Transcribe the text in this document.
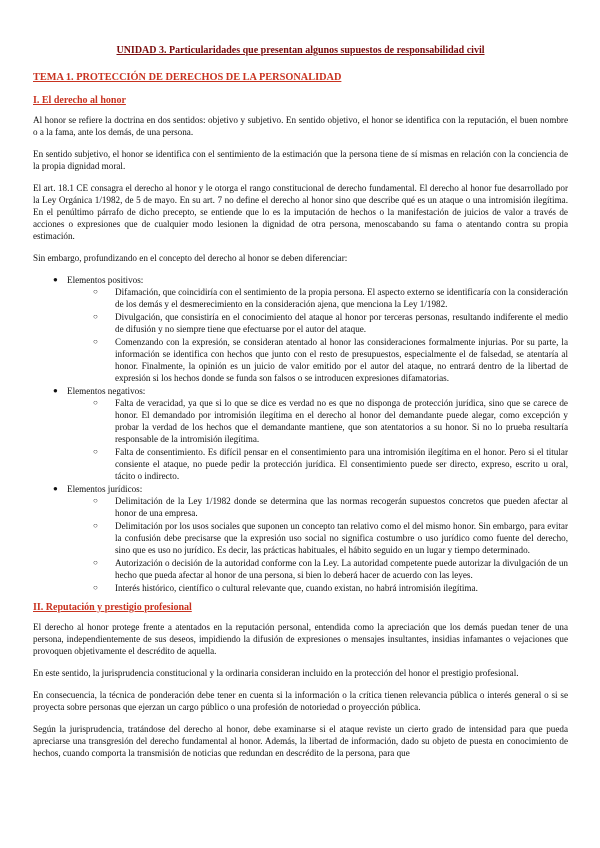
UNIDAD 3. Particularidades que presentan algunos supuestos de responsabilidad civil
TEMA 1. PROTECCIÓN DE DERECHOS DE LA PERSONALIDAD
I. El derecho al honor

Al honor se refiere la doctrina en dos sentidos: objetivo y subjetivo. En sentido objetivo, el honor se identifica con la reputación, el buen nombre o a la fama, ante los demás, de una persona.

En sentido subjetivo, el honor se identifica con el sentimiento de la estimación que la persona tiene de sí mismas en relación con la conciencia de la propia dignidad moral.

El art. 18.1 CE consagra el derecho al honor y le otorga el rango constitucional de derecho fundamental. El derecho al honor fue desarrollado por la Ley Orgánica 1/1982, de 5 de mayo. En su art. 7 no define el derecho al honor sino que describe qué es un ataque o una intromisión ilegítima. En el penúltimo párrafo de dicho precepto, se entiende que lo es la imputación de hechos o la manifestación de juicios de valor a través de acciones o expresiones que de cualquier modo lesionen la dignidad de otra persona, menoscabando su fama o atentando contra su propia estimación.

Sin embargo, profundizando en el concepto del derecho al honor se deben diferenciar:

● Elementos positivos:
○ Difamación, que coincidiría con el sentimiento de la propia persona. El aspecto externo se identificaría con la consideración de los demás y el desmerecimiento en la consideración ajena, que menciona la Ley 1/1982.
○ Divulgación, que consistiría en el conocimiento del ataque al honor por terceras personas, resultando indiferente el medio de difusión y no siempre tiene que efectuarse por el autor del ataque.
○ Comenzando con la expresión, se consideran atentado al honor las consideraciones formalmente injurias. Por su parte, la información se identifica con hechos que junto con el resto de presupuestos, especialmente el de falsedad, se atentaría al honor. Finalmente, la opinión es un juicio de valor emitido por el autor del ataque, no entrará dentro de la libertad de expresión si los hechos donde se funda son falsos o se introducen expresiones difamatorias.
● Elementos negativos:
○ Falta de veracidad, ya que si lo que se dice es verdad no es que no disponga de protección jurídica, sino que se carece de honor. El demandado por intromisión ilegítima en el derecho al honor del demandante puede alegar, como excepción y probar la verdad de los hechos que el demandante mantiene, que son atentatorios a su honor. Si no lo prueba resultaría responsable de la intromisión ilegítima.
○ Falta de consentimiento. Es difícil pensar en el consentimiento para una intromisión ilegítima en el honor. Pero si el titular consiente el ataque, no puede pedir la protección jurídica. El consentimiento puede ser directo, expreso, escrito u oral, tácito o indirecto.
● Elementos jurídicos:
○ Delimitación de la Ley 1/1982 donde se determina que las normas recogerán supuestos concretos que pueden afectar al honor de una empresa.
○ Delimitación por los usos sociales que suponen un concepto tan relativo como el del mismo honor. Sin embargo, para evitar la confusión debe precisarse que la expresión uso social no significa costumbre o uso jurídico como fuente del derecho, sino que es uso no jurídico. Es decir, las prácticas habituales, el hábito seguido en un lugar y tiempo determinado.
○ Autorización o decisión de la autoridad conforme con la Ley. La autoridad competente puede autorizar la divulgación de un hecho que pueda afectar al honor de una persona, si bien lo deberá hacer de acuerdo con las leyes.
○ Interés histórico, científico o cultural relevante que, cuando existan, no habrá intromisión ilegítima.
II. Reputación y prestigio profesional

El derecho al honor protege frente a atentados en la reputación personal, entendida como la apreciación que los demás puedan tener de una persona, independientemente de sus deseos, impidiendo la difusión de expresiones o mensajes insultantes, insidias infamantes o vejaciones que provoquen objetivamente el descrédito de aquella.

En este sentido, la jurisprudencia constitucional y la ordinaria consideran incluido en la protección del honor el prestigio profesional.

En consecuencia, la técnica de ponderación debe tener en cuenta si la información o la crítica tienen relevancia pública o interés general o si se proyecta sobre personas que ejerzan un cargo público o una profesión de notoriedad o proyección pública.

Según la jurisprudencia, tratándose del derecho al honor, debe examinarse si el ataque reviste un cierto grado de intensidad para que pueda apreciarse una transgresión del derecho fundamental al honor. Además, la libertad de información, dado su objeto de puesta en conocimiento de hechos, cuando comporta la transmisión de noticias que redundan en descrédito de la persona, para que
